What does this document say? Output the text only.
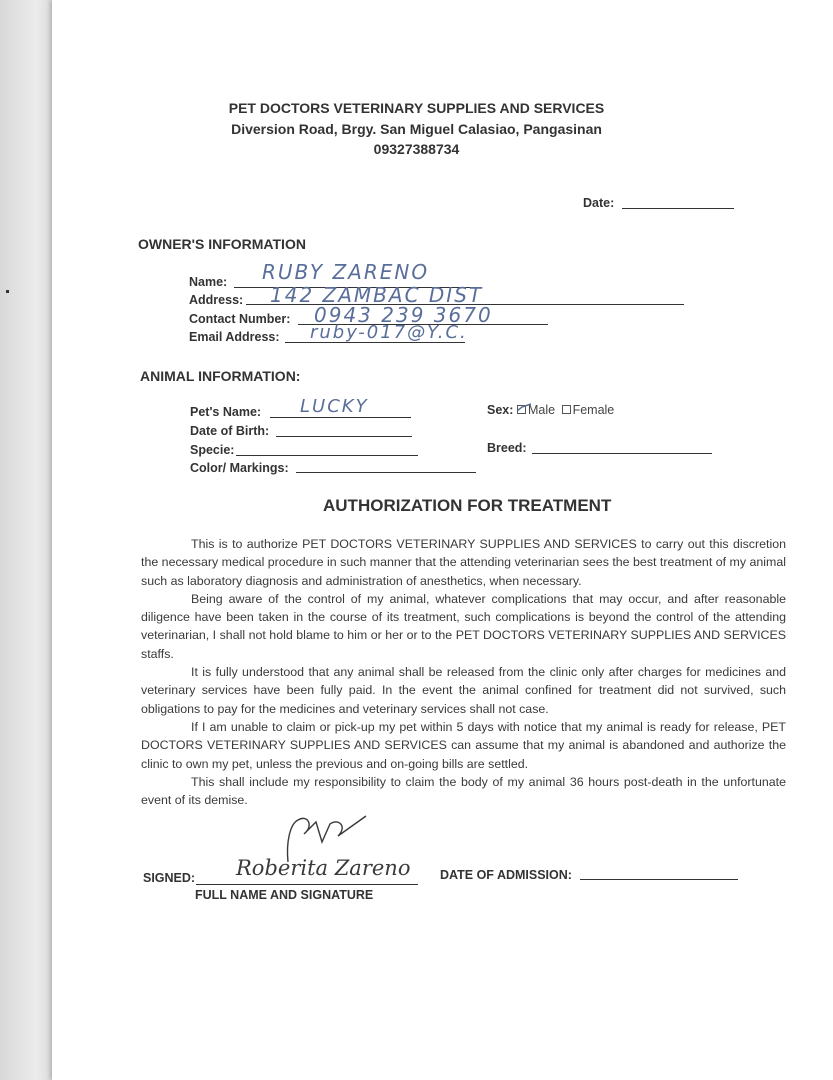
PET DOCTORS VETERINARY SUPPLIES AND SERVICES
Diversion Road, Brgy. San Miguel Calasiao, Pangasinan
09327388734
Date:
OWNER'S INFORMATION
Name: RUBY ZARENO
Address: 142 ZAMBAC DIST
Contact Number: 0943 239 3670
Email Address: ruby-017@Y.C.
ANIMAL INFORMATION:
Pet's Name: LUCKY
Date of Birth:
Specie:
Color/ Markings:
Sex:	Male Female
Breed:
AUTHORIZATION FOR TREATMENT

This is to authorize PET DOCTORS VETERINARY SUPPLIES AND SERVICES to carry out this discretion the necessary medical procedure in such manner that the attending veterinarian sees the best treatment of my animal such as laboratory diagnosis and administration of anesthetics, when necessary.

Being aware of the control of my animal, whatever complications that may occur, and after reasonable diligence have been taken in the course of its treatment, such complications is beyond the control of the attending veterinarian, I shall not hold blame to him or her or to the PET DOCTORS VETERINARY SUPPLIES AND SERVICES staffs.

It is fully understood that any animal shall be released from the clinic only after charges for medicines and veterinary services have been fully paid. In the event the animal confined for treatment did not survived, such obligations to pay for the medicines and veterinary services shall not case.

If I am unable to claim or pick-up my pet within 5 days with notice that my animal is ready for release, PET DOCTORS VETERINARY SUPPLIES AND SERVICES can assume that my animal is abandoned and authorize the clinic to own my pet, unless the previous and on-going bills are settled.

This shall include my responsibility to claim the body of my animal 36 hours post-death in the unfortunate event of its demise.

SIGNED: Roberita Zareno
FULL NAME AND SIGNATURE
DATE OF ADMISSION:
